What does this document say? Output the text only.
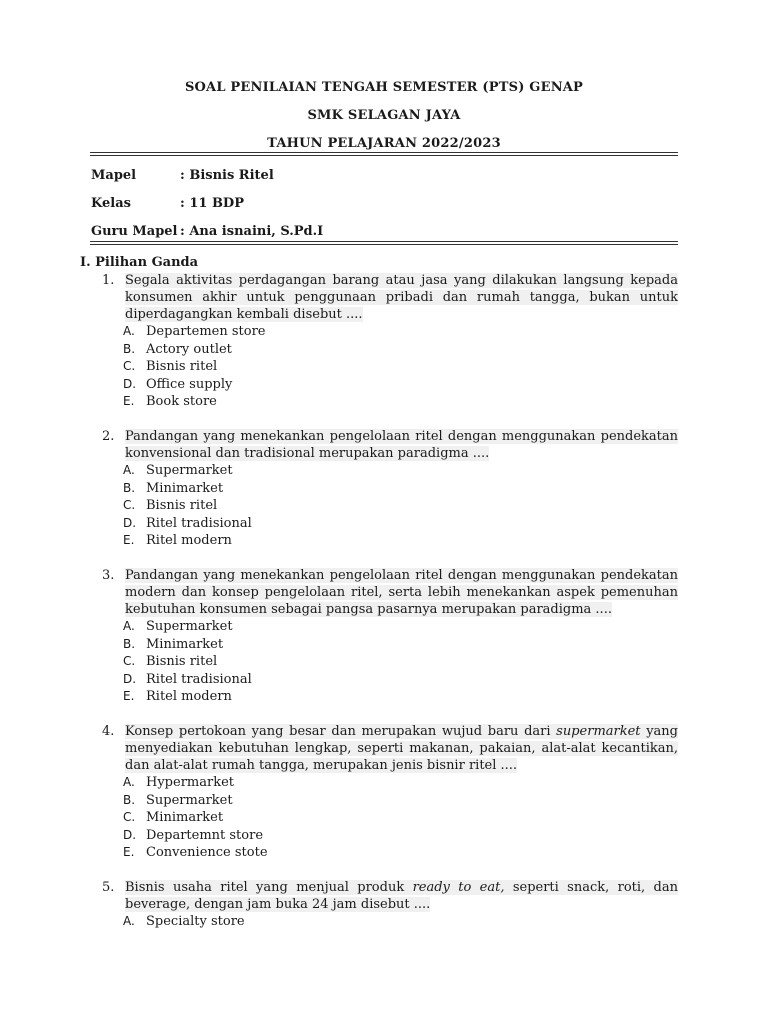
SOAL PENILAIAN TENGAH SEMESTER (PTS) GENAP
SMK SELAGAN JAYA
TAHUN PELAJARAN 2022/2023
Mapel	: Bisnis Ritel
Kelas	: 11 BDP
Guru Mapel : Ana isnaini, S.Pd.I
I. Pilihan Ganda
1. Segala aktivitas perdagangan barang atau jasa yang dilakukan langsung kepada konsumen akhir untuk penggunaan pribadi dan rumah tangga, bukan untuk diperdagangkan kembali disebut ....
A. Departemen store
B. Actory outlet
C. Bisnis ritel
D. Office supply
E. Book store
2. Pandangan yang menekankan pengelolaan ritel dengan menggunakan pendekatan konvensional dan tradisional merupakan paradigma ....
A. Supermarket
B. Minimarket
C. Bisnis ritel
D. Ritel tradisional
E. Ritel modern
3. Pandangan yang menekankan pengelolaan ritel dengan menggunakan pendekatan modern dan konsep pengelolaan ritel, serta lebih menekankan aspek pemenuhan kebutuhan konsumen sebagai pangsa pasarnya merupakan paradigma ....
A. Supermarket
B. Minimarket
C. Bisnis ritel
D. Ritel tradisional
E. Ritel modern
4. Konsep pertokoan yang besar dan merupakan wujud baru dari supermarket yang menyediakan kebutuhan lengkap, seperti makanan, pakaian, alat-alat kecantikan, dan alat-alat rumah tangga, merupakan jenis bisnir ritel ....
A. Hypermarket
B. Supermarket
C. Minimarket
D. Departemnt store
E. Convenience stote
5. Bisnis usaha ritel yang menjual produk ready to eat, seperti snack, roti, dan beverage, dengan jam buka 24 jam disebut ....
A. Specialty store
